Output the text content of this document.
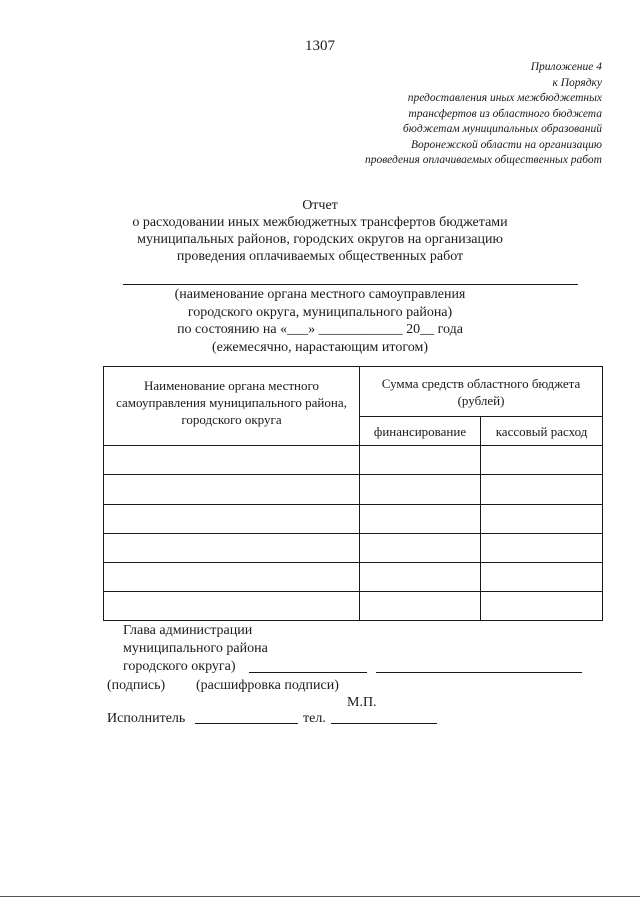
1307
Приложение 4
к Порядку
предоставления иных межбюджетных
трансфертов из областного бюджета
бюджетам муниципальных образований
Воронежской области на организацию
проведения оплачиваемых общественных работ
Отчет
о расходовании иных межбюджетных трансфертов бюджетами
муниципальных районов, городских округов на организацию
проведения оплачиваемых общественных работ
(наименование органа местного самоуправления
городского округа, муниципального района)
по состоянию на «___» ____________ 20__ года
(ежемесячно, нарастающим итогом)
Наименование органа местного самоуправления муниципального района, городского округа	Сумма средств областного бюджета (рублей)	
	финансирование	кассовый расход

Глава администрации
муниципального района
городского округа)
(подпись) (расшифровка подписи)
М.П.
Исполнитель	тел.
